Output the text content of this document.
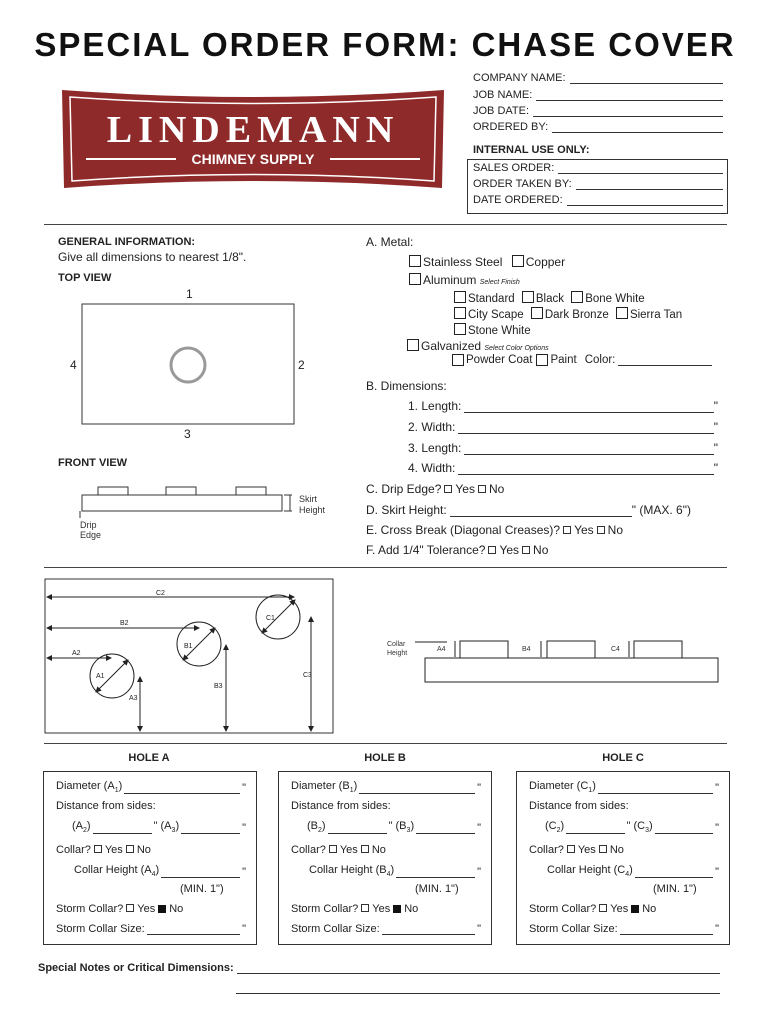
SPECIAL ORDER FORM: CHASE COVER
LINDEMANN
CHIMNEY SUPPLY
COMPANY NAME:
JOB NAME:
JOB DATE:
ORDERED BY:
INTERNAL USE ONLY:
SALES ORDER:
ORDER TAKEN BY:
DATE ORDERED:
GENERAL INFORMATION:
Give all dimensions to nearest 1/8".
TOP VIEW
1
2
3
4
FRONT VIEW
Skirt
Height
Drip
Edge
A. Metal:
Stainless Steel Copper
Aluminum Select Finish
Standard Black Bone White
City Scape Dark Bronze Sierra Tan
Stone White
Galvanized Select Color Options
Powder Coat Paint Color:
B. Dimensions:
1. Length:	"
2. Width:	"
3. Length:	"
4. Width:	"
C. Drip Edge? Yes No
D. Skirt Height:	" (MAX. 6")
E. Cross Break (Diagonal Creases)? Yes No
F. Add 1/4" Tolerance? Yes No
C2
B2
A2
C1
B1
A1	C3
B3
A3
Collar
Height
A4	B4	C4
HOLE A	HOLE B	HOLE C
Diameter $(A_1)$	"
Distance from sides:
$(A_2)$	" $(A_3)$	"
Collar? Yes No
Collar Height $(A_4)$	"
(MIN. 1")
Storm Collar? Yes No
Storm Collar Size:	"
Diameter $(B_1)$	"
Distance from sides:
$(B_2)$	" $(B_3)$	"
Collar? Yes No
Collar Height $(B_4)$	"
(MIN. 1")
Storm Collar? Yes No
Storm Collar Size:	"
Diameter $(C_1)$	"
Distance from sides:
$(C_2)$	" $(C_3)$	"
Collar? Yes No
Collar Height $(C_4)$	"
(MIN. 1")
Storm Collar? Yes No
Storm Collar Size:	"
Special Notes or Critical Dimensions:
